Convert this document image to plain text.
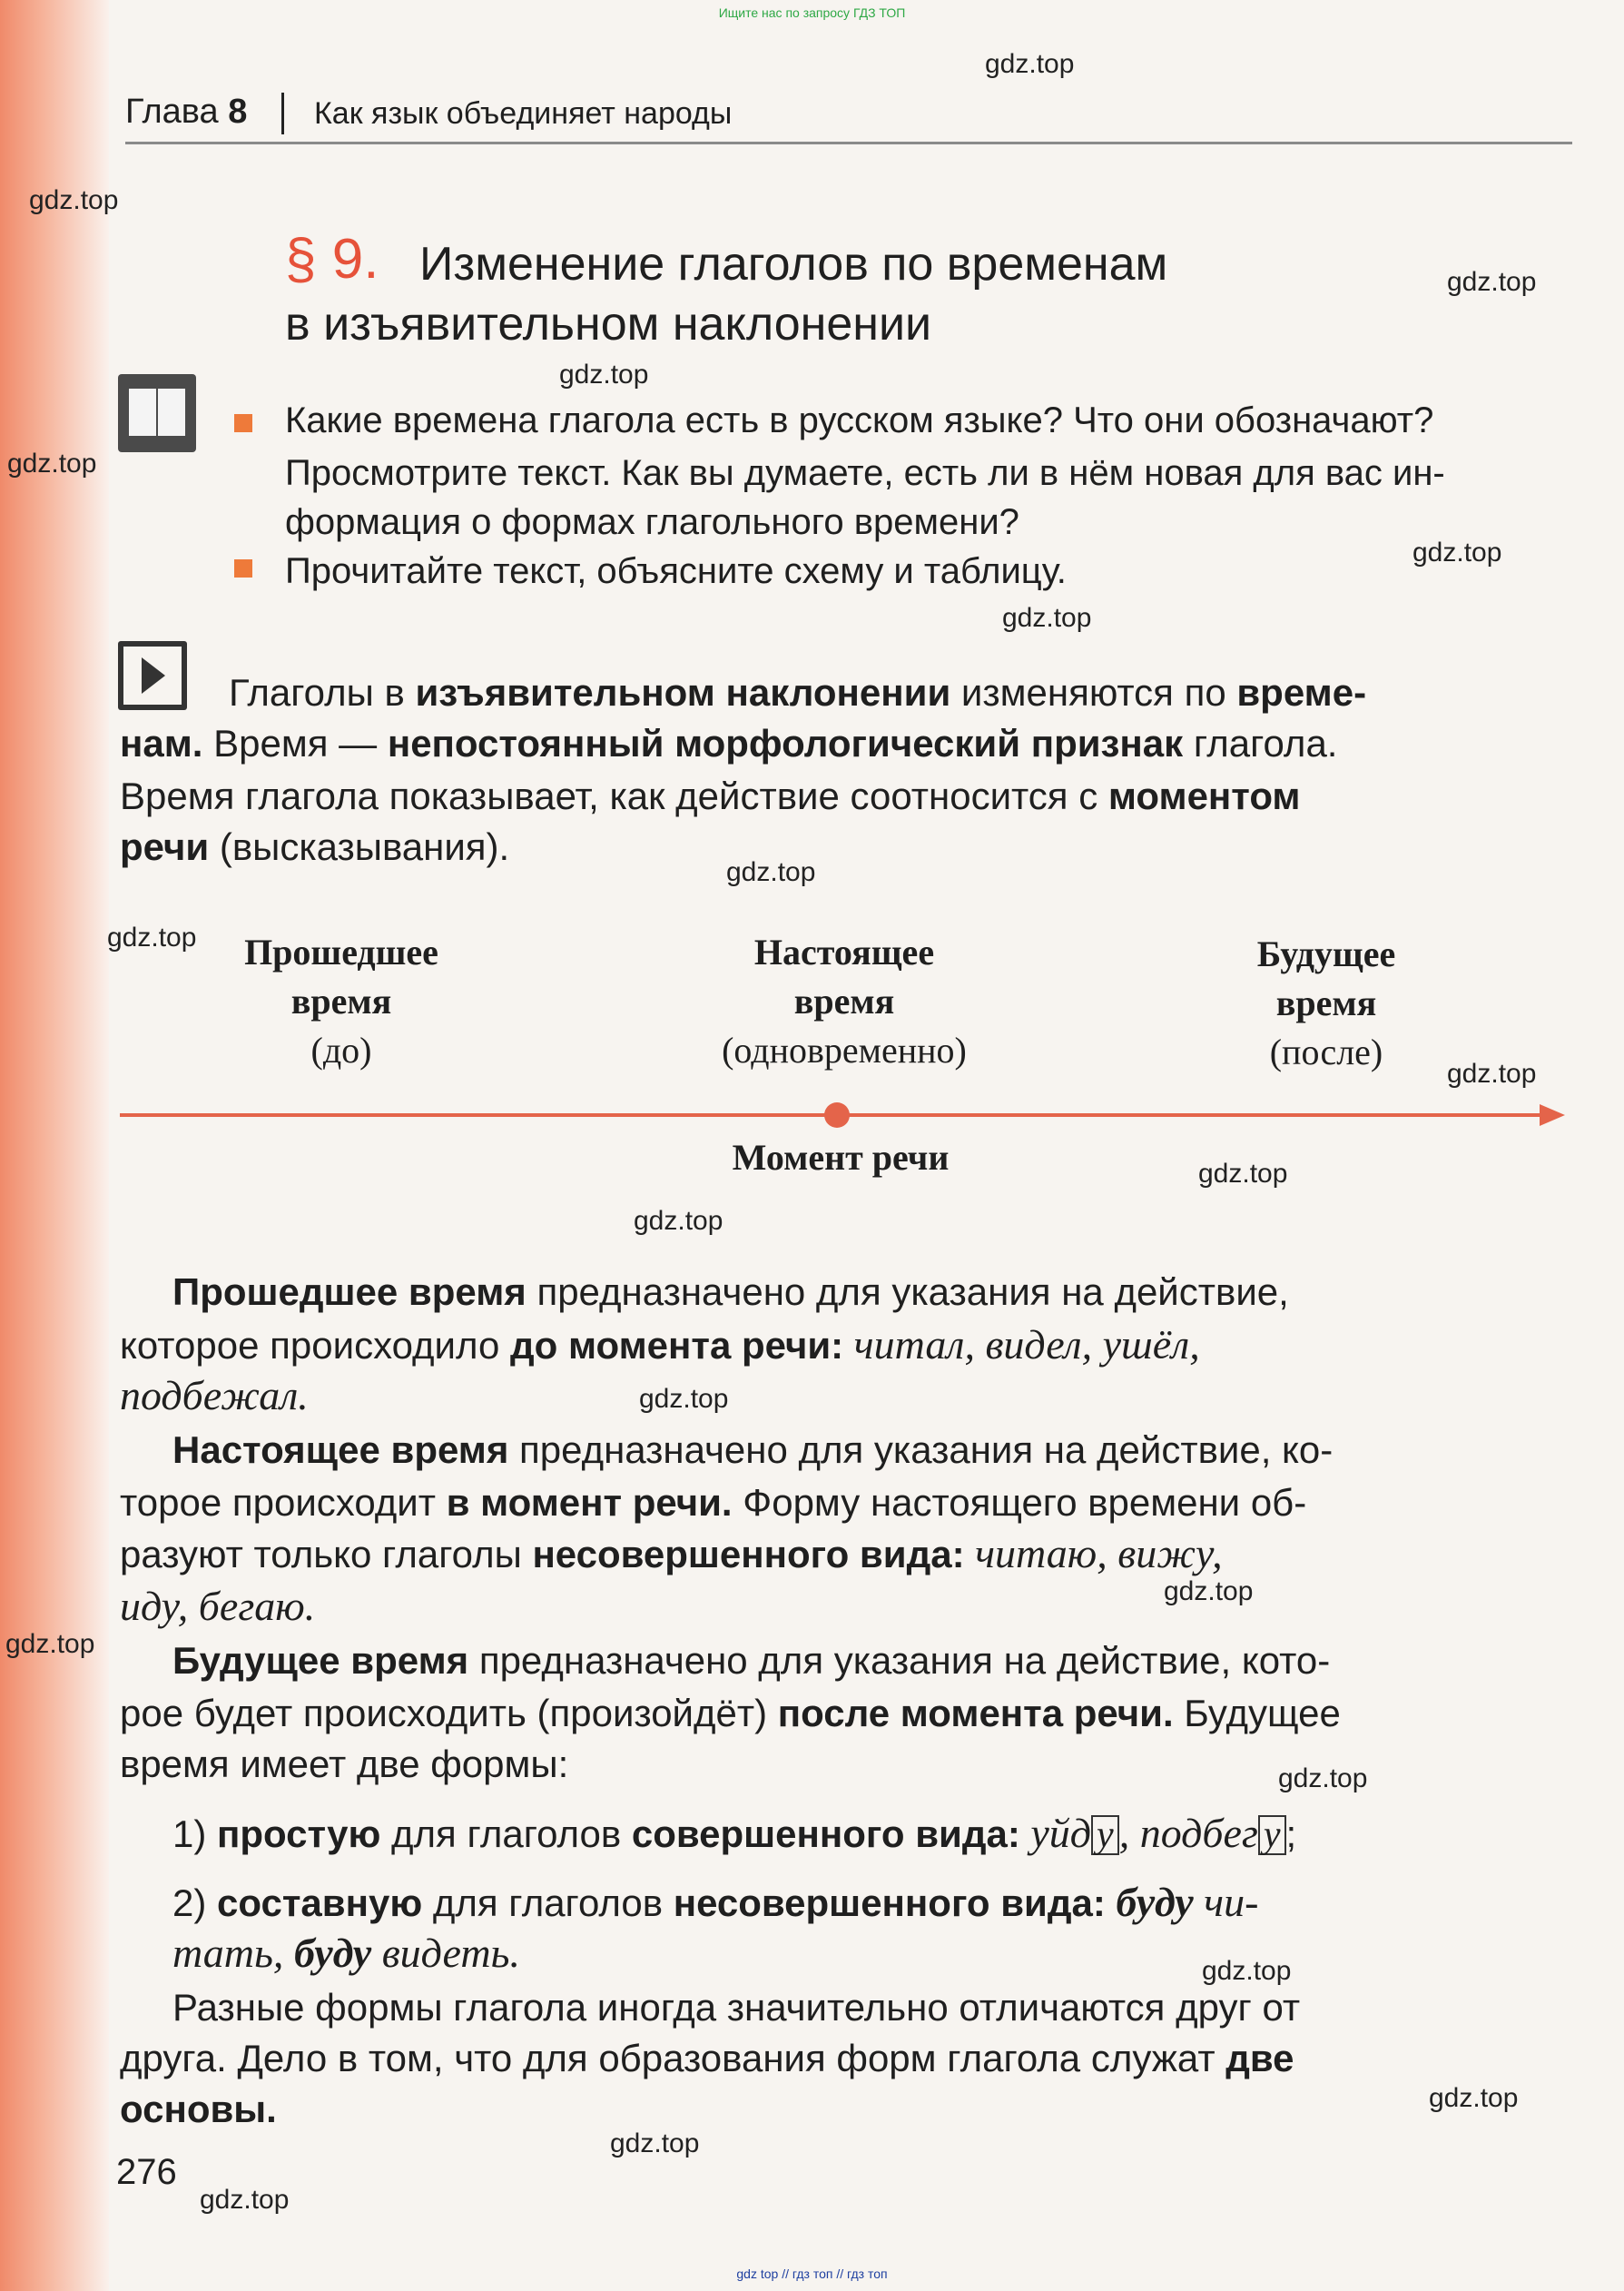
Ищите нас по запросу ГДЗ ТОП
Глава 8 Как язык объединяет народы
§ 9. Изменение глаголов по временам
в изъявительном наклонении
Какие времена глагола есть в русском языке? Что они обозначают?
Просмотрите текст. Как вы думаете, есть ли в нём новая для вас ин-
формация о формах глагольного времени?
Прочитайте текст, объясните схему и таблицу.
Глаголы в изъявительном наклонении изменяются по време-
нам. Время — непостоянный морфологический признак глагола.
Время глагола показывает, как действие соотносится с моментом
речи (высказывания).
Прошедшее
время
(до)
Настоящее
время
(одновременно)
Будущее
время
(после)
Момент речи
Прошедшее время предназначено для указания на действие,
которое происходило до момента речи: читал, видел, ушёл,
подбежал.
Настоящее время предназначено для указания на действие, ко-
торое происходит в момент речи. Форму настоящего времени об-
разуют только глаголы несовершенного вида: читаю, вижу,
иду, бегаю.
Будущее время предназначено для указания на действие, кото-
рое будет происходить (произойдёт) после момента речи. Будущее
время имеет две формы:
1) простую для глаголов совершенного вида: уйд у , подбег у ;
2) составную для глаголов несовершенного вида: буду чи-
тать, буду видеть.
Разные формы глагола иногда значительно отличаются друг от
друга. Дело в том, что для образования форм глагола служат две
основы.
276
gdz.top
gdz.top
gdz.top
gdz.top
gdz.top
gdz.top
gdz.top
gdz.top
gdz.top
gdz.top
gdz.top
gdz.top
gdz.top
gdz.top
gdz.top
gdz.top
gdz.top
gdz.top
gdz.top
gdz.top
gdz top // гдз топ // гдз топ
